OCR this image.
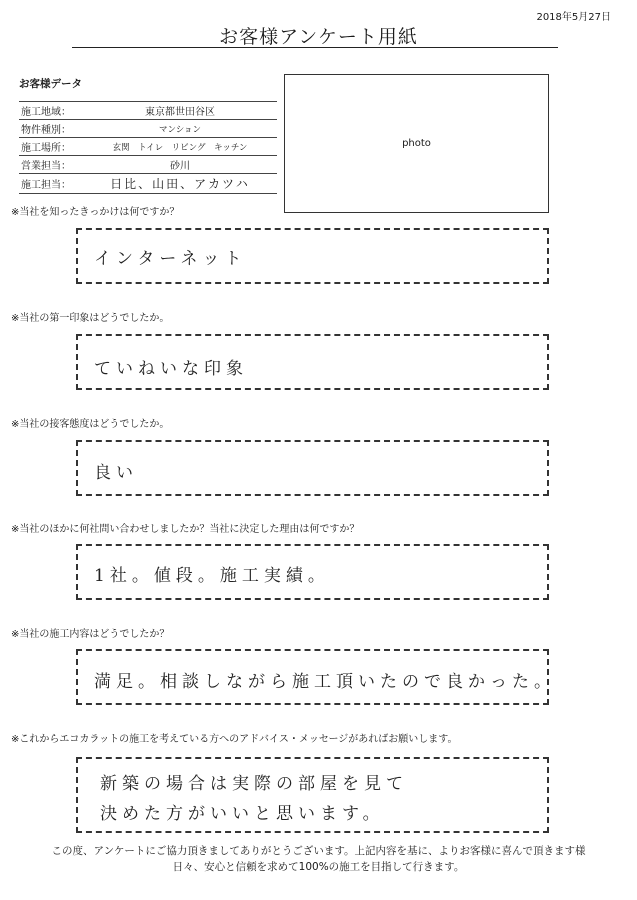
2018年5月27日
お客様アンケート用紙
お客様データ
施工地域：	東京都世田谷区
物件種別：	マンション
施工場所：	玄関　トイレ　リビング　キッチン
営業担当：	砂川
施工担当：	日比、山田、アカツハ
photo
※当社を知ったきっかけは何ですか？
インターネット
※当社の第一印象はどうでしたか。
ていねいな印象
※当社の接客態度はどうでしたか。
良い
※当社のほかに何社問い合わせしましたか？当社に決定した理由は何ですか？
1社。値段。施工実績。
※当社の施工内容はどうでしたか？
満足。相談しながら施工頂いたので良かった。
※これからエコカラットの施工を考えている方へのアドバイス・メッセージがあればお願いします。
新築の場合は実際の部屋を見て
決めた方がいいと思います。
この度、アンケートにご協力頂きましてありがとうございます。上記内容を基に、よりお客様に喜んで頂きます様
日々、安心と信頼を求めて100%の施工を目指して行きます。
